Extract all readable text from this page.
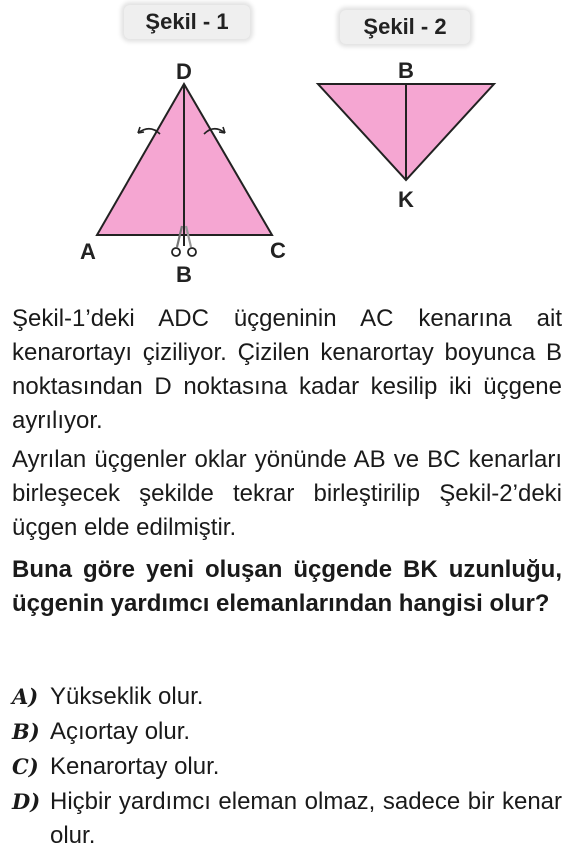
Şekil - 1	Şekil - 2
D
A	C
B
B
K

Şekil-1’deki ADC üçgeninin AC kenarına ait kenarortayı çiziliyor. Çizilen kenarortay boyunca B noktasından D noktasına kadar kesilip iki üçgene ayrılıyor.

Ayrılan üçgenler oklar yönünde AB ve BC kenarları birleşecek şekilde tekrar birleştirilip Şekil-2’deki üçgen elde edilmiştir.

Buna göre yeni oluşan üçgende BK uzunluğu, üçgenin yardımcı elemanlarından hangisi olur?

A) Yükseklik olur.
B) Açıortay olur.
C) Kenarortay olur.
D) Hiçbir yardımcı eleman olmaz, sadece bir kenar olur.
